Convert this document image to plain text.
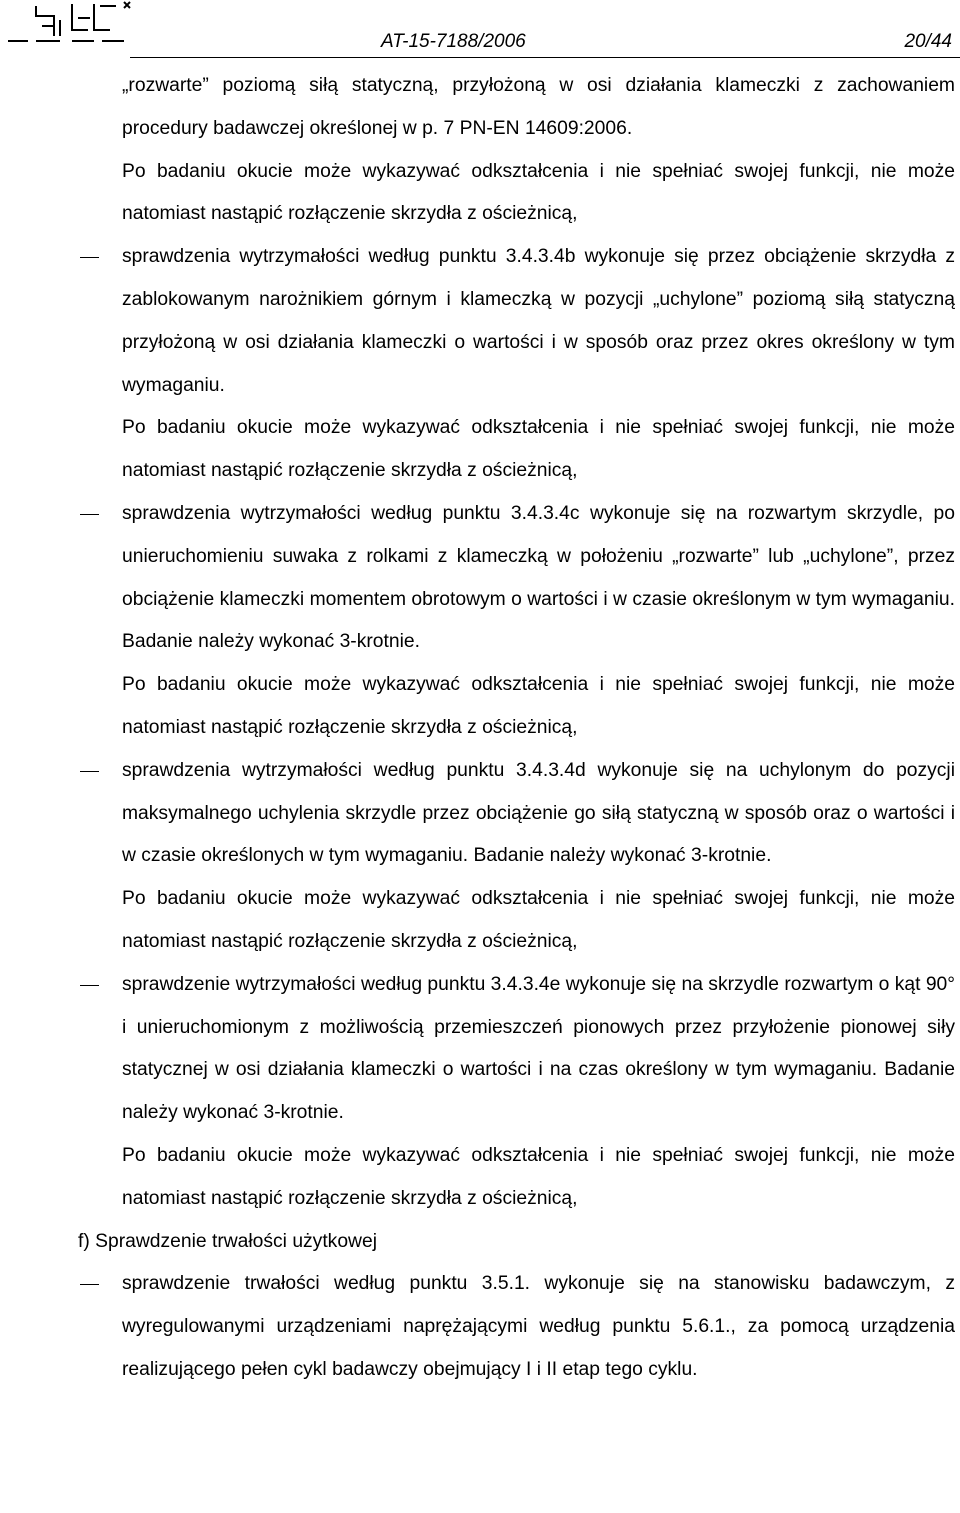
AT-15-7188/2006	20/44
„rozwarte” poziomą siłą statyczną, przyłożoną w osi działania klameczki z zachowaniem procedury badawczej określonej w p. 7 PN-EN 14609:2006.
Po badaniu okucie może wykazywać odkształcenia i nie spełniać swojej funkcji, nie może natomiast nastąpić rozłączenie skrzydła z ościeżnicą,
sprawdzenia wytrzymałości według punktu 3.4.3.4b wykonuje się przez obciążenie skrzydła z zablokowanym narożnikiem górnym i klameczką w pozycji „uchylone” poziomą siłą statyczną przyłożoną w osi działania klameczki o wartości i w sposób oraz przez okres określony w tym wymaganiu.
Po badaniu okucie może wykazywać odkształcenia i nie spełniać swojej funkcji, nie może natomiast nastąpić rozłączenie skrzydła z ościeżnicą,
sprawdzenia wytrzymałości według punktu 3.4.3.4c wykonuje się na rozwartym skrzydle, po unieruchomieniu suwaka z rolkami z klameczką w położeniu „rozwarte” lub „uchylone”, przez obciążenie klameczki momentem obrotowym o wartości i w czasie określonym w tym wymaganiu. Badanie należy wykonać 3-krotnie.
Po badaniu okucie może wykazywać odkształcenia i nie spełniać swojej funkcji, nie może natomiast nastąpić rozłączenie skrzydła z ościeżnicą,
sprawdzenia wytrzymałości według punktu 3.4.3.4d wykonuje się na uchylonym do pozycji maksymalnego uchylenia skrzydle przez obciążenie go siłą statyczną w sposób oraz o wartości i w czasie określonych w tym wymaganiu. Badanie należy wykonać 3-krotnie.
Po badaniu okucie może wykazywać odkształcenia i nie spełniać swojej funkcji, nie może natomiast nastąpić rozłączenie skrzydła z ościeżnicą,
sprawdzenie wytrzymałości według punktu 3.4.3.4e wykonuje się na skrzydle rozwartym o kąt 90° i unieruchomionym z możliwością przemieszczeń pionowych przez przyłożenie pionowej siły statycznej w osi działania klameczki o wartości i na czas określony w tym wymaganiu. Badanie należy wykonać 3-krotnie.
Po badaniu okucie może wykazywać odkształcenia i nie spełniać swojej funkcji, nie może natomiast nastąpić rozłączenie skrzydła z ościeżnicą,
f) Sprawdzenie trwałości użytkowej
sprawdzenie trwałości według punktu 3.5.1. wykonuje się na stanowisku badawczym, z wyregulowanymi urządzeniami naprężającymi według punktu 5.6.1., za pomocą urządzenia realizującego pełen cykl badawczy obejmujący I i II etap tego cyklu.
